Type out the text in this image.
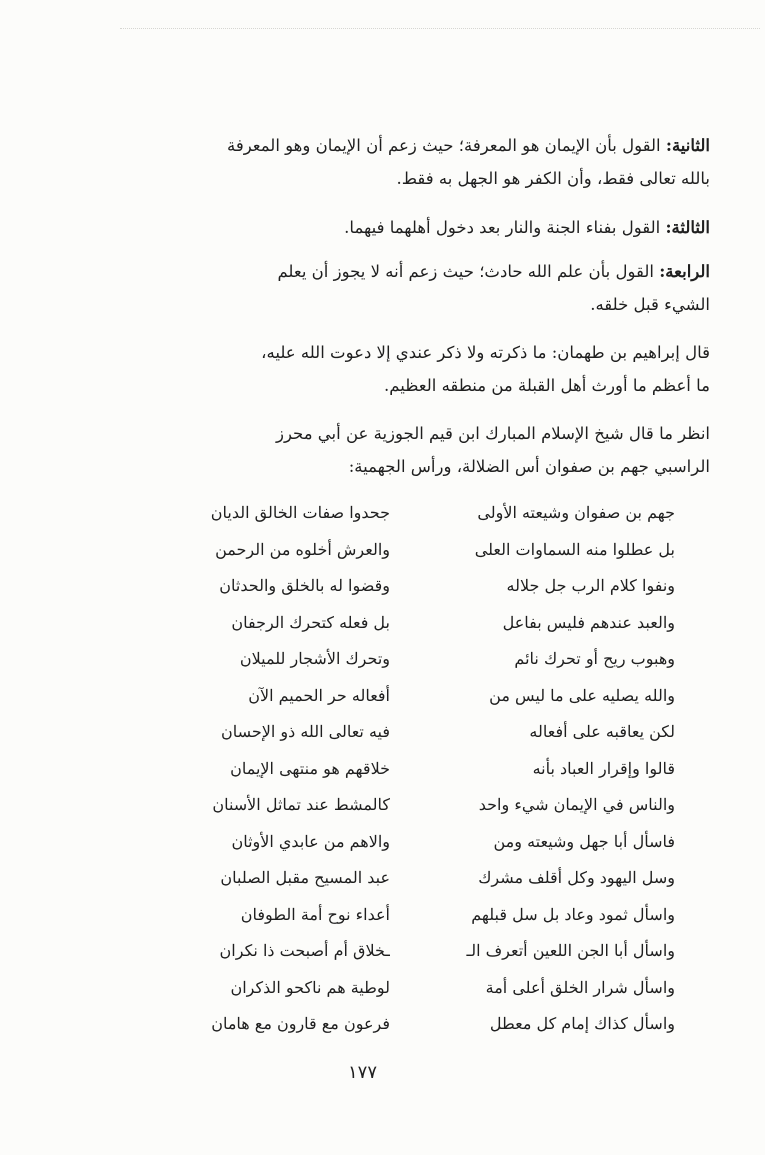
الثانية: القول بأن الإيمان هو المعرفة؛ حيث زعم أن الإيمان وهو المعرفة
بالله تعالى فقط، وأن الكفر هو الجهل به فقط.
الثالثة: القول بفناء الجنة والنار بعد دخول أهلهما فيهما.
الرابعة: القول بأن علم الله حادث؛ حيث زعم أنه لا يجوز أن يعلم
الشيء قبل خلقه.
قال إبراهيم بن طهمان: ما ذكرته ولا ذكر عندي إلا دعوت الله عليه،
ما أعظم ما أورث أهل القبلة من منطقه العظيم.
انظر ما قال شيخ الإسلام المبارك ابن قيم الجوزية عن أبي محرز
الراسبي جهم بن صفوان أس الضلالة، ورأس الجهمية:
جهم بن صفوان وشيعته الأولى
جحدوا صفات الخالق الديان
بل عطلوا منه السماوات العلى
والعرش أخلوه من الرحمن
ونفوا كلام الرب جل جلاله
وقضوا له بالخلق والحدثان
والعبد عندهم فليس بفاعل
بل فعله كتحرك الرجفان
وهبوب ريح أو تحرك نائم
وتحرك الأشجار للميلان
والله يصليه على ما ليس من
أفعاله حر الحميم الآن
لكن يعاقبه على أفعاله
فيه تعالى الله ذو الإحسان
قالوا وإقرار العباد بأنه
خلاقهم هو منتهى الإيمان
والناس في الإيمان شيء واحد
كالمشط عند تماثل الأسنان
فاسأل أبا جهل وشيعته ومن
والاهم من عابدي الأوثان
وسل اليهود وكل أقلف مشرك
عبد المسيح مقبل الصلبان
واسأل ثمود وعاد بل سل قبلهم
أعداء نوح أمة الطوفان
واسأل أبا الجن اللعين أتعرف الـ
ـخلاق أم أصبحت ذا نكران
واسأل شرار الخلق أعلى أمة
لوطية هم ناكحو الذكران
واسأل كذاك إمام كل معطل
فرعون مع قارون مع هامان
١٧٧
